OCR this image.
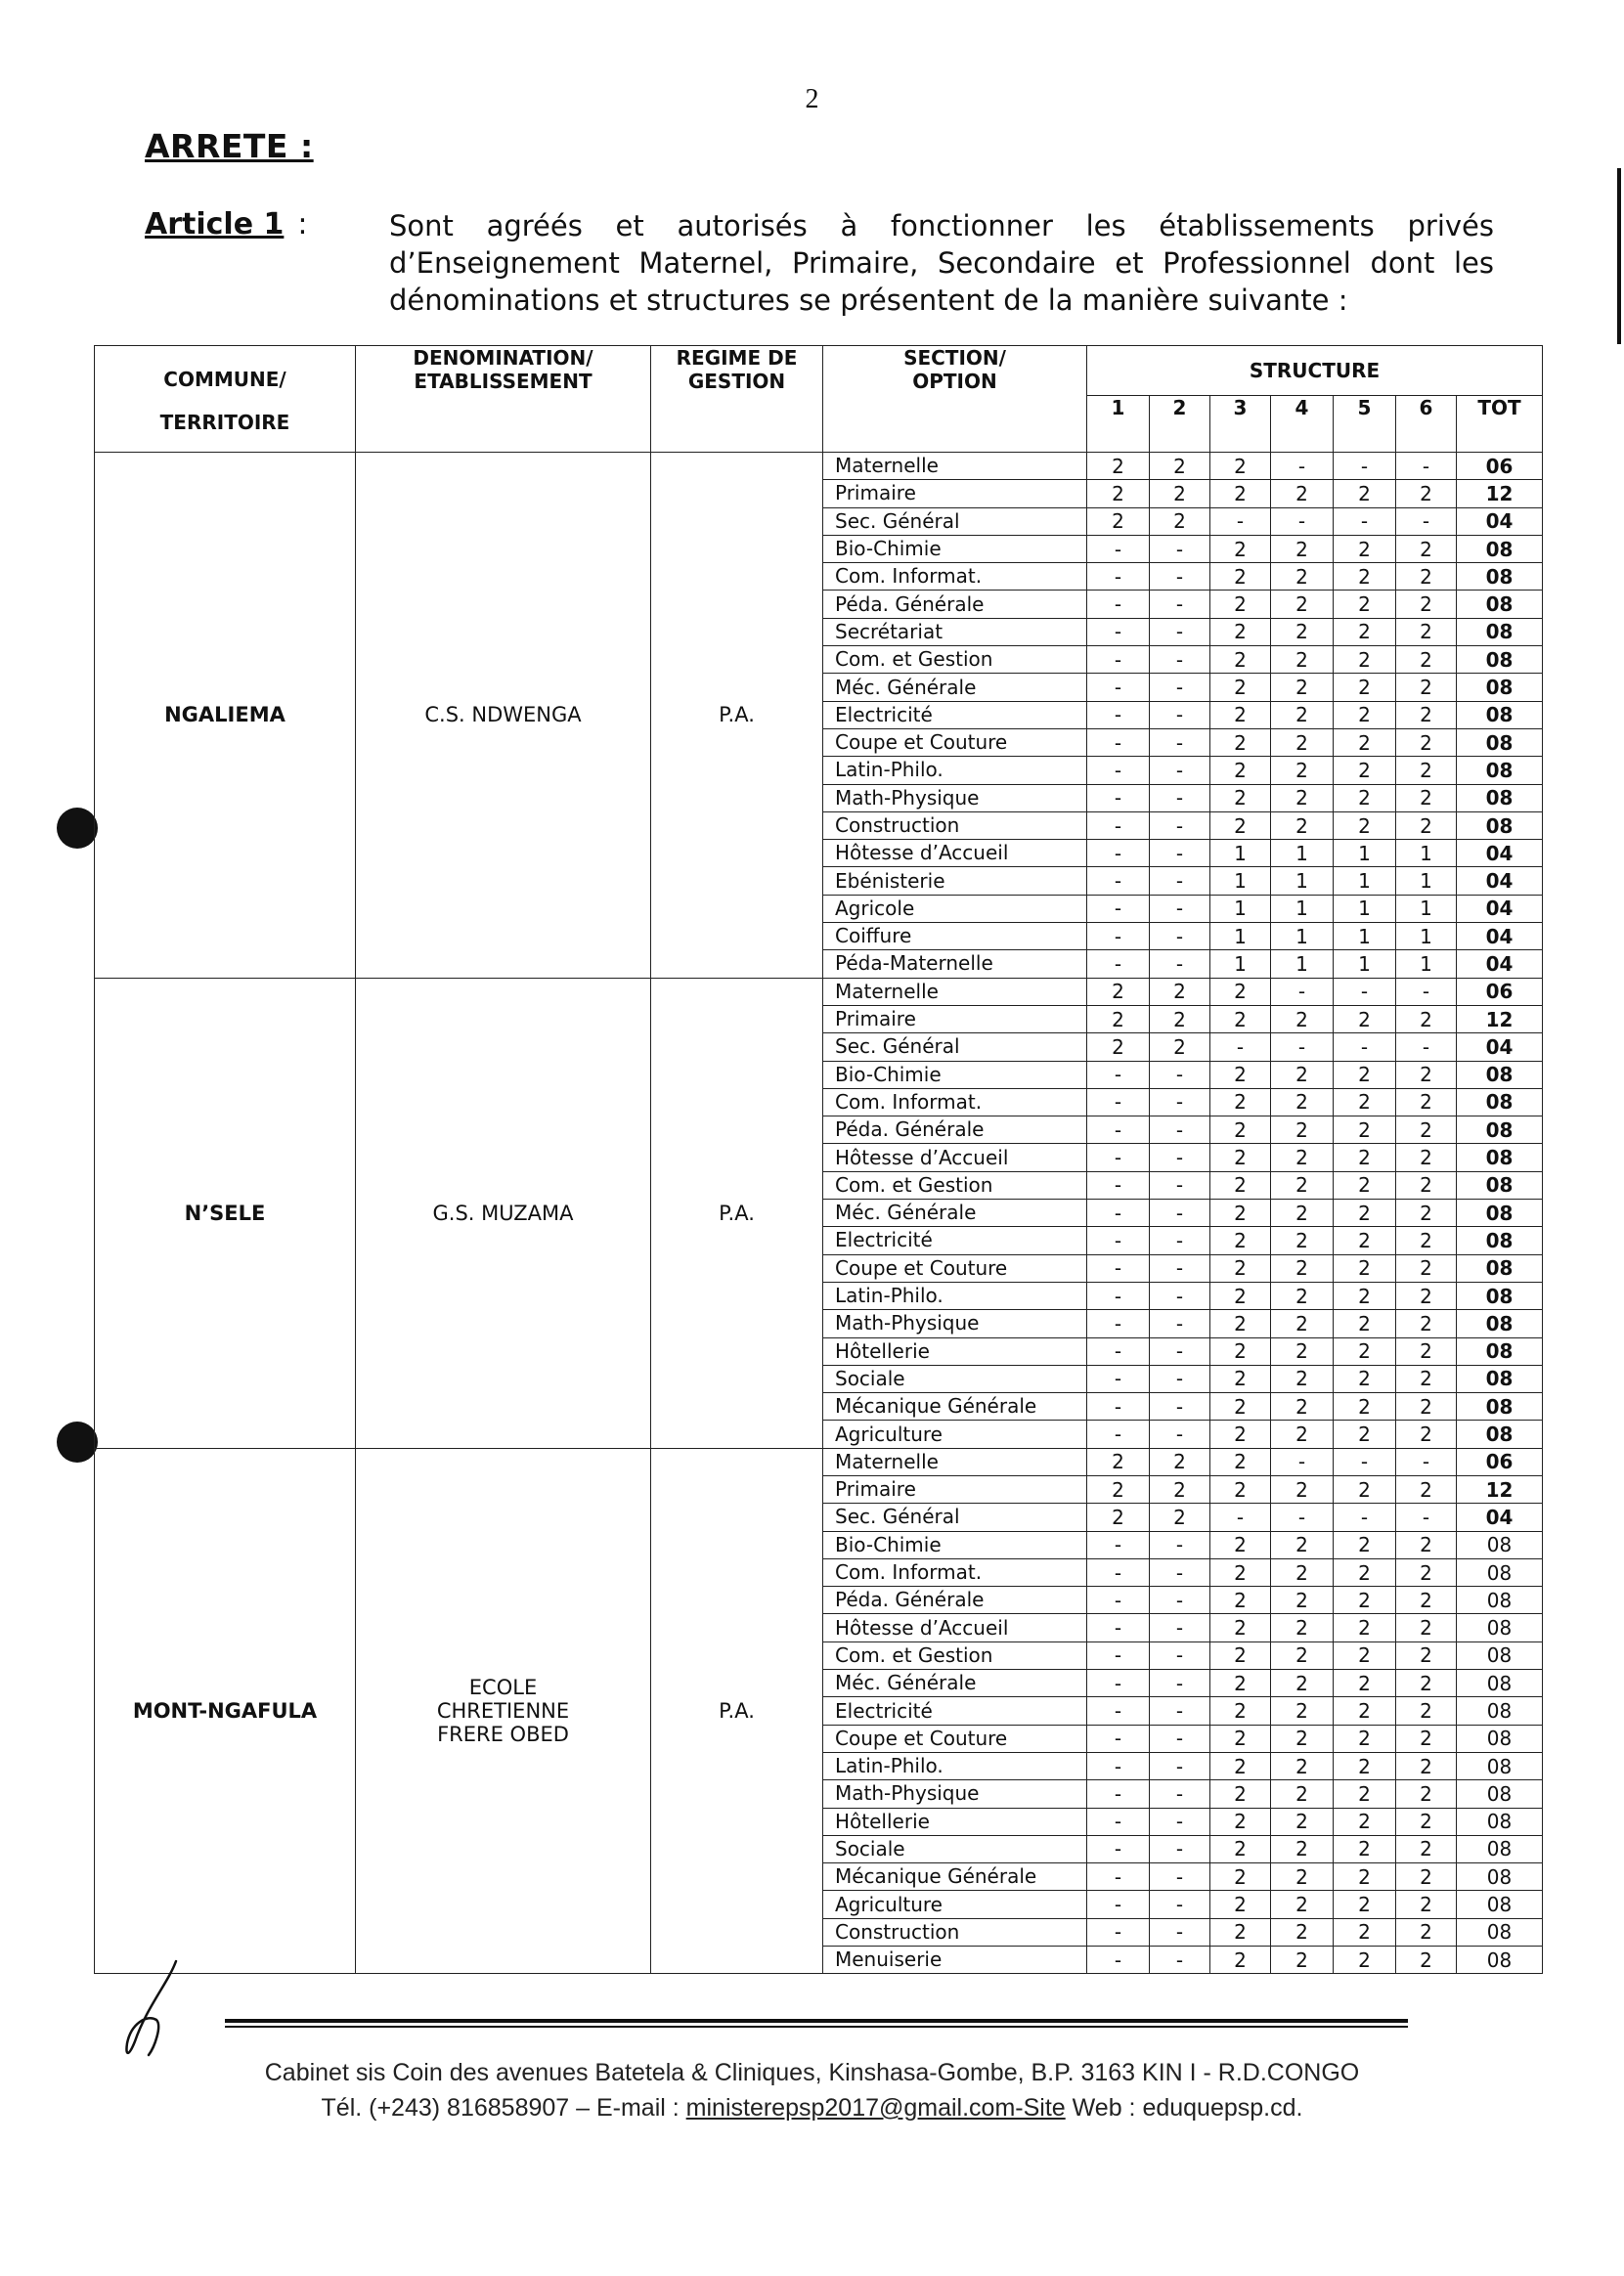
2
ARRETE :
Article 1 :	Sont agréés et autorisés à fonctionner les établissements privés d’Enseignement Maternel, Primaire, Secondaire et Professionnel dont les dénominations et structures se présentent de la manière suivante :
COMMUNE/ TERRITOIRE	DENOMINATION/ ETABLISSEMENT	REGIME DE GESTION	SECTION/ OPTION	STRUCTURE						
				1	2	3	4	5	6	TOT
NGALIEMA	C.S. NDWENGA	P.A.	Maternelle	2	2	2	-	-	-	06
			Primaire	2	2	2	2	2	2	12
			Sec. Général	2	2	-	-	-	-	04
			Bio-Chimie	-	-	2	2	2	2	08
			Com. Informat.	-	-	2	2	2	2	08
			Péda. Générale	-	-	2	2	2	2	08
			Secrétariat	-	-	2	2	2	2	08
			Com. et Gestion	-	-	2	2	2	2	08
			Méc. Générale	-	-	2	2	2	2	08
			Electricité	-	-	2	2	2	2	08
			Coupe et Couture	-	-	2	2	2	2	08
			Latin-Philo.	-	-	2	2	2	2	08
			Math-Physique	-	-	2	2	2	2	08
			Construction	-	-	2	2	2	2	08
			Hôtesse d’Accueil	-	-	1	1	1	1	04
			Ebénisterie	-	-	1	1	1	1	04
			Agricole	-	-	1	1	1	1	04
			Coiffure	-	-	1	1	1	1	04
			Péda-Maternelle	-	-	1	1	1	1	04
N’SELE	G.S. MUZAMA	P.A.	Maternelle	2	2	2	-	-	-	06
			Primaire	2	2	2	2	2	2	12
			Sec. Général	2	2	-	-	-	-	04
			Bio-Chimie	-	-	2	2	2	2	08
			Com. Informat.	-	-	2	2	2	2	08
			Péda. Générale	-	-	2	2	2	2	08
			Hôtesse d’Accueil	-	-	2	2	2	2	08
			Com. et Gestion	-	-	2	2	2	2	08
			Méc. Générale	-	-	2	2	2	2	08
			Electricité	-	-	2	2	2	2	08
			Coupe et Couture	-	-	2	2	2	2	08
			Latin-Philo.	-	-	2	2	2	2	08
			Math-Physique	-	-	2	2	2	2	08
			Hôtellerie	-	-	2	2	2	2	08
			Sociale	-	-	2	2	2	2	08
			Mécanique Générale	-	-	2	2	2	2	08
			Agriculture	-	-	2	2	2	2	08
MONT-NGAFULA	ECOLE CHRETIENNE FRERE OBED	P.A.	Maternelle	2	2	2	-	-	-	06
			Primaire	2	2	2	2	2	2	12
			Sec. Général	2	2	-	-	-	-	04
			Bio-Chimie	-	-	2	2	2	2	08
			Com. Informat.	-	-	2	2	2	2	08
			Péda. Générale	-	-	2	2	2	2	08
			Hôtesse d’Accueil	-	-	2	2	2	2	08
			Com. et Gestion	-	-	2	2	2	2	08
			Méc. Générale	-	-	2	2	2	2	08
			Electricité	-	-	2	2	2	2	08
			Coupe et Couture	-	-	2	2	2	2	08
			Latin-Philo.	-	-	2	2	2	2	08
			Math-Physique	-	-	2	2	2	2	08
			Hôtellerie	-	-	2	2	2	2	08
			Sociale	-	-	2	2	2	2	08
			Mécanique Générale	-	-	2	2	2	2	08
			Agriculture	-	-	2	2	2	2	08
			Construction	-	-	2	2	2	2	08
			Menuiserie	-	-	2	2	2	2	08
Cabinet sis Coin des avenues Batetela & Cliniques, Kinshasa-Gombe, B.P. 3163 KIN I - R.D.CONGO
Tél. (+243) 816858907 – E-mail : ministerepsp2017@gmail.com-Site Web : eduquepsp.cd.
